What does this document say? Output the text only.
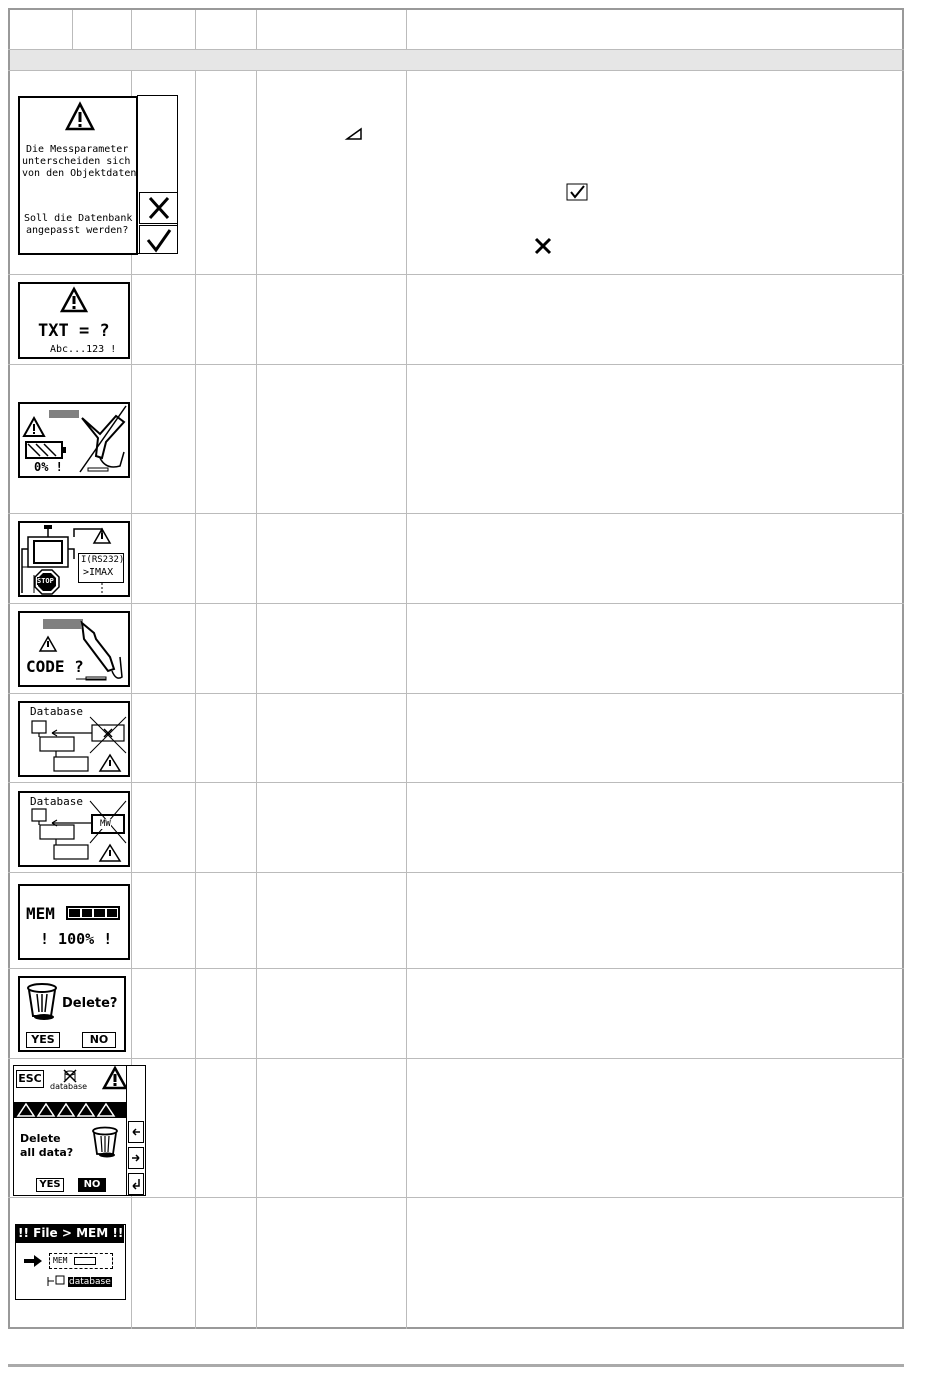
Die Messparameter
unterscheiden sich
von den Objektdaten
Soll die Datenbank
angepasst werden?
TXT = ?
Abc...123 !
0% !
STOP
I(RS232)
>IMAX
CODE ?
Database
Database
MW
MEM
! 100% !
Delete?
YES	NO
ESC
database
Delete
all data?
YES	NO
!! File > MEM !!
MEM
database
